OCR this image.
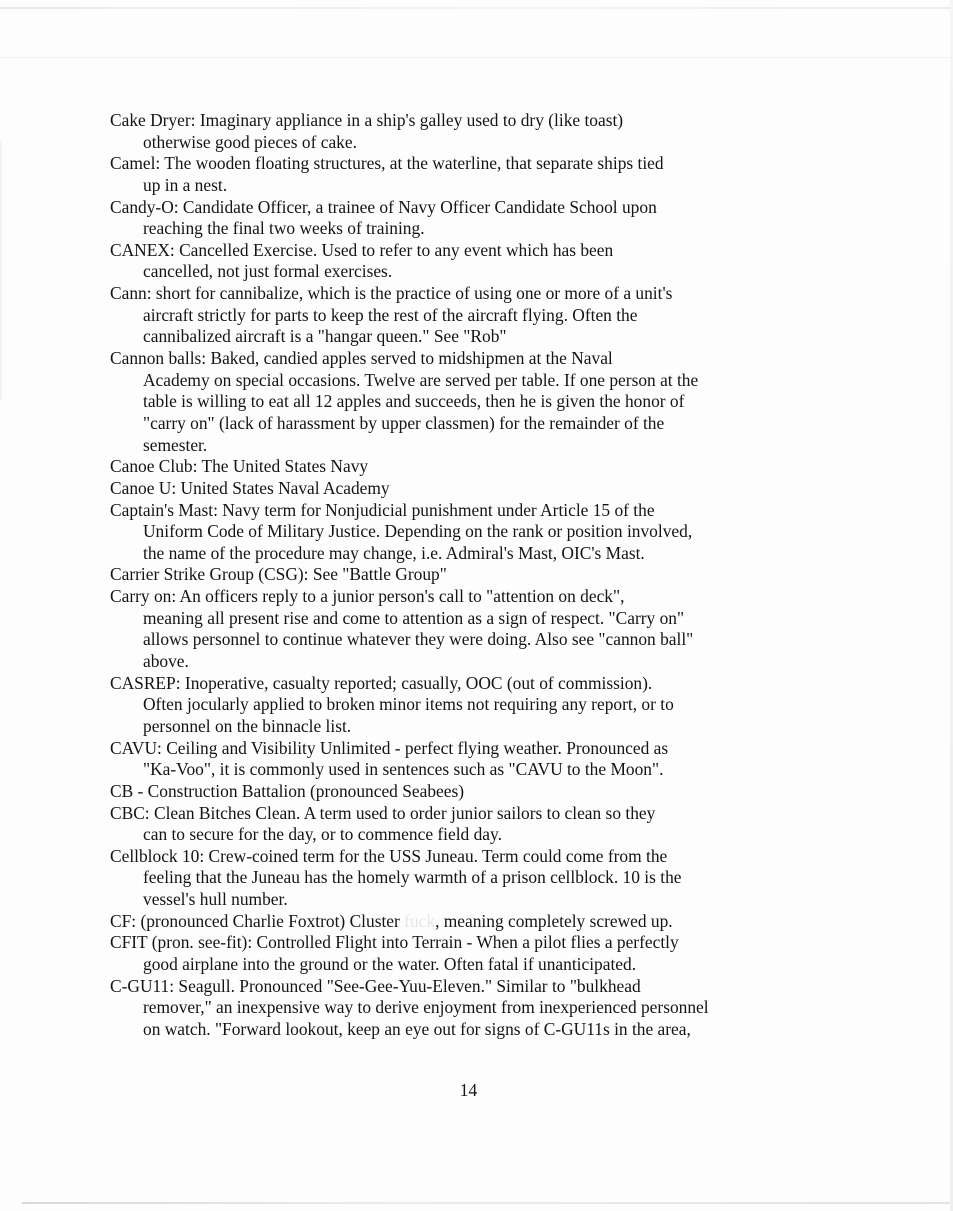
Cake Dryer: Imaginary appliance in a ship's galley used to dry (like toast)
otherwise good pieces of cake.
Camel: The wooden floating structures, at the waterline, that separate ships tied
up in a nest.
Candy-O: Candidate Officer, a trainee of Navy Officer Candidate School upon
reaching the final two weeks of training.
CANEX: Cancelled Exercise. Used to refer to any event which has been
cancelled, not just formal exercises.
Cann: short for cannibalize, which is the practice of using one or more of a unit's
aircraft strictly for parts to keep the rest of the aircraft flying. Often the
cannibalized aircraft is a "hangar queen." See "Rob"
Cannon balls: Baked, candied apples served to midshipmen at the Naval
Academy on special occasions. Twelve are served per table. If one person at the
table is willing to eat all 12 apples and succeeds, then he is given the honor of
"carry on" (lack of harassment by upper classmen) for the remainder of the
semester.
Canoe Club: The United States Navy
Canoe U: United States Naval Academy
Captain's Mast: Navy term for Nonjudicial punishment under Article 15 of the
Uniform Code of Military Justice. Depending on the rank or position involved,
the name of the procedure may change, i.e. Admiral's Mast, OIC's Mast.
Carrier Strike Group (CSG): See "Battle Group"
Carry on: An officers reply to a junior person's call to "attention on deck",
meaning all present rise and come to attention as a sign of respect. "Carry on"
allows personnel to continue whatever they were doing. Also see "cannon ball"
above.
CASREP: Inoperative, casualty reported; casually, OOC (out of commission).
Often jocularly applied to broken minor items not requiring any report, or to
personnel on the binnacle list.
CAVU: Ceiling and Visibility Unlimited - perfect flying weather. Pronounced as
"Ka-Voo", it is commonly used in sentences such as "CAVU to the Moon".
CB - Construction Battalion (pronounced Seabees)
CBC: Clean Bitches Clean. A term used to order junior sailors to clean so they
can to secure for the day, or to commence field day.
Cellblock 10: Crew-coined term for the USS Juneau. Term could come from the
feeling that the Juneau has the homely warmth of a prison cellblock. 10 is the
vessel's hull number.
CF: (pronounced Charlie Foxtrot) Cluster fuck, meaning completely screwed up.
CFIT (pron. see-fit): Controlled Flight into Terrain - When a pilot flies a perfectly
good airplane into the ground or the water. Often fatal if unanticipated.
C-GU11: Seagull. Pronounced "See-Gee-Yuu-Eleven." Similar to "bulkhead
remover," an inexpensive way to derive enjoyment from inexperienced personnel
on watch. "Forward lookout, keep an eye out for signs of C-GU11s in the area,
14
